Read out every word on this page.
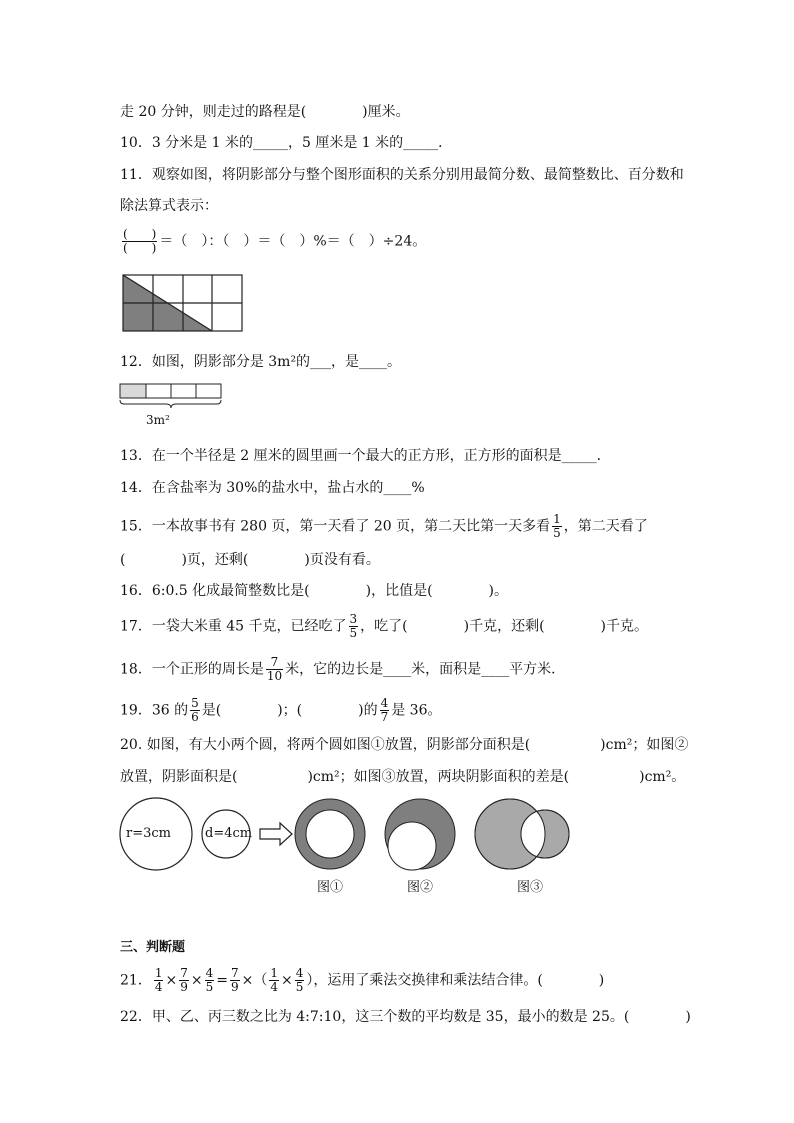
走 20 分钟，则走过的路程是(　　　　)厘米。
10．3 分米是 1 米的_____，5 厘米是 1 米的_____．
11．观察如图，将阴影部分与整个图形面积的关系分别用最简分数、最简整数比、百分数和
除法算式表示：
$\frac{( )}{( )}$ ＝（　）：（　）＝（　）%＝（　）÷24。
12．如图，阴影部分是 3m²的___，是____。
3m²
13．在一个半径是 2 厘米的圆里画一个最大的正方形，正方形的面积是_____．
14．在含盐率为 30%的盐水中，盐占水的____%
15．一本故事书有 280 页，第一天看了 20 页，第二天比第一天多看 $\frac{1}{5}$ ，第二天看了
(　　　　)页，还剩(　　　　)页没有看。
16．6:0.5 化成最简整数比是(　　　　)，比值是(　　　　)。
17．一袋大米重 45 千克，已经吃了 $\frac{3}{5}$ ，吃了(　　　　)千克，还剩(　　　　)千克。
18．一个正形的周长是 $\frac{7}{10}$ 米，它的边长是____米，面积是____平方米．
19．36 的 $\frac{5}{6}$ 是(　　　　)；(　　　　)的 $\frac{4}{7}$ 是 36。
20. 如图，有大小两个圆，将两个圆如图①放置，阴影部分面积是(　　　　　)cm²；如图②
放置，阴影面积是(　　　　　)cm²；如图③放置，两块阴影面积的差是(　　　　　)cm²。
r=3cm	d=4cm
图①	图②	图③
三、判断题
21． $\frac{1}{4} \times \frac{7}{9} \times \frac{4}{5} = \frac{7}{9}$ ×（ $\frac{1}{4} \times \frac{4}{5}$ ），运用了乘法交换律和乘法结合律。(　　　　)
22．甲、乙、丙三数之比为 4:7:10，这三个数的平均数是 35，最小的数是 25。(　　　　)
